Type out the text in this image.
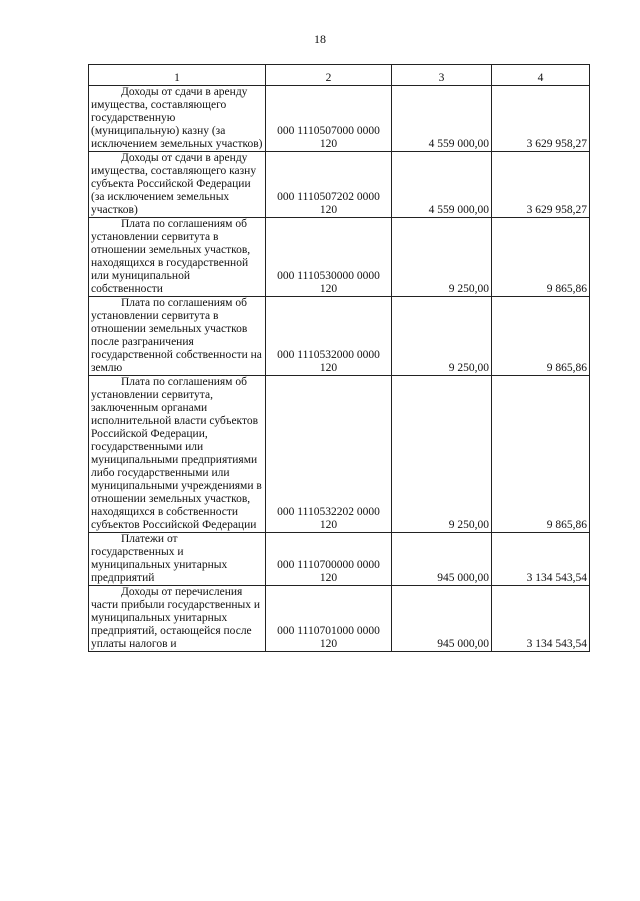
18
1	2	3	4
Доходы от сдачи в аренду имущества, составляющего государственную (муниципальную) казну (за исключением земельных участков)	000 1110507000 0000 120	4 559 000,00	3 629 958,27
Доходы от сдачи в аренду имущества, составляющего казну субъекта Российской Федерации (за исключением земельных участков)	000 1110507202 0000 120	4 559 000,00	3 629 958,27
Плата по соглашениям об установлении сервитута в отношении земельных участков, находящихся в государственной или муниципальной собственности	000 1110530000 0000 120	9 250,00	9 865,86
Плата по соглашениям об установлении сервитута в отношении земельных участков после разграничения государственной собственности на землю	000 1110532000 0000 120	9 250,00	9 865,86
Плата по соглашениям об установлении сервитута, заключенным органами исполнительной власти субъектов Российской Федерации, государственными или муниципальными предприятиями либо государственными или муниципальными учреждениями в отношении земельных участков, находящихся в собственности субъектов Российской Федерации	000 1110532202 0000 120	9 250,00	9 865,86
Платежи от государственных и муниципальных унитарных предприятий	000 1110700000 0000 120	945 000,00	3 134 543,54
Доходы от перечисления части прибыли государственных и муниципальных унитарных предприятий, остающейся после уплаты налогов и	000 1110701000 0000 120	945 000,00	3 134 543,54
